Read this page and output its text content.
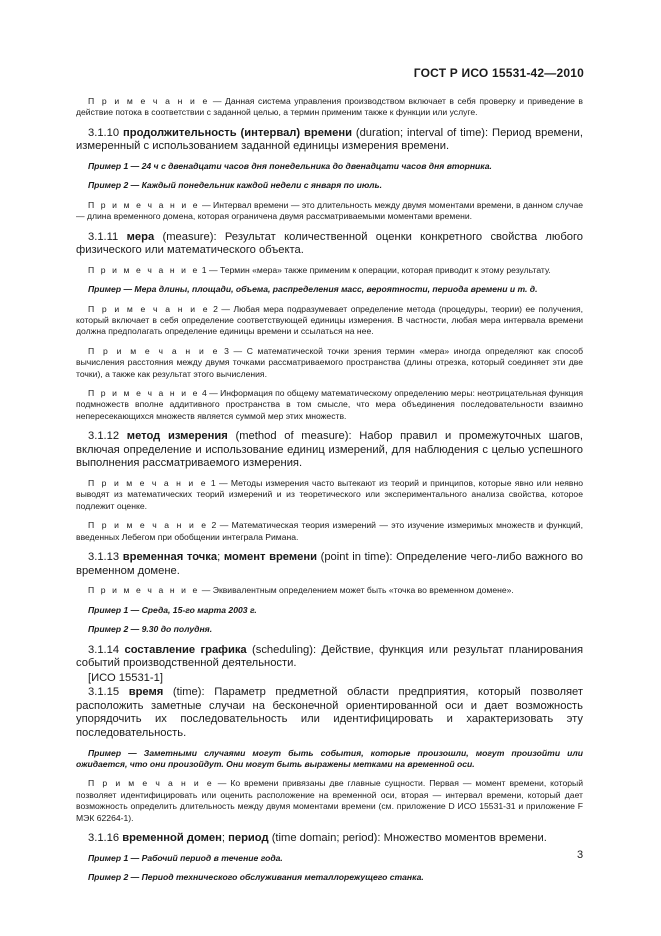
ГОСТ Р ИСО 15531-42—2010

П р и м е ч а н и е — Данная система управления производством включает в себя проверку и приведение в действие потока в соответствии с заданной целью, а термин применим также к функции или услуге.

3.1.10 продолжительность (интервал) времени (duration; interval of time): Период времени, измеренный с использованием заданной единицы измерения времени.

Пример 1 — 24 ч с двенадцати часов дня понедельника до двенадцати часов дня вторника.

Пример 2 — Каждый понедельник каждой недели с января по июль.

П р и м е ч а н и е — Интервал времени — это длительность между двумя моментами времени, в данном случае — длина временного домена, которая ограничена двумя рассматриваемыми моментами времени.

3.1.11 мера (measure): Результат количественной оценки конкретного свойства любого физического или математического объекта.

П р и м е ч а н и е 1 — Термин «мера» также применим к операции, которая приводит к этому результату.

Пример — Мера длины, площади, объема, распределения масс, вероятности, периода времени и т. д.

П р и м е ч а н и е 2 — Любая мера подразумевает определение метода (процедуры, теории) ее получения, который включает в себя определение соответствующей единицы измерения. В частности, любая мера интервала времени должна предполагать определение единицы времени и ссылаться на нее.

П р и м е ч а н и е 3 — С математической точки зрения термин «мера» иногда определяют как способ вычисления расстояния между двумя точками рассматриваемого пространства (длины отрезка, который соединяет эти две точки), а также как результат этого вычисления.

П р и м е ч а н и е 4 — Информация по общему математическому определению меры: неотрицательная функция подмножеств вполне аддитивного пространства в том смысле, что мера объединения последовательности взаимно непересекающихся множеств является суммой мер этих множеств.

3.1.12 метод измерения (method of measure): Набор правил и промежуточных шагов, включая определение и использование единиц измерений, для наблюдения с целью успешного выполнения рассматриваемого измерения.

П р и м е ч а н и е 1 — Методы измерения часто вытекают из теорий и принципов, которые явно или неявно выводят из математических теорий измерений и из теоретического или экспериментального анализа свойства, которое подлежит оценке.

П р и м е ч а н и е 2 — Математическая теория измерений — это изучение измеримых множеств и функций, введенных Лебегом при обобщении интеграла Римана.

3.1.13 временная точка; момент времени (point in time): Определение чего-либо важного во временном домене.

П р и м е ч а н и е — Эквивалентным определением может быть «точка во временном домене».

Пример 1 — Среда, 15-го марта 2003 г.

Пример 2 — 9.30 до полудня.

3.1.14 составление графика (scheduling): Действие, функция или результат планирования событий производственной деятельности.

[ИСО 15531-1]

3.1.15 время (time): Параметр предметной области предприятия, который позволяет расположить заметные случаи на бесконечной ориентированной оси и дает возможность упорядочить их последовательность или идентифицировать и характеризовать эту последовательность.

Пример — Заметными случаями могут быть события, которые произошли, могут произойти или ожидается, что они произойдут. Они могут быть выражены метками на временной оси.

П р и м е ч а н и е — Ко времени привязаны две главные сущности. Первая — момент времени, который позволяет идентифицировать или оценить расположение на временной оси, вторая — интервал времени, который дает возможность определить длительность между двумя моментами времени (см. приложение D ИСО 15531-31 и приложение F МЭК 62264-1).

3.1.16 временной домен; период (time domain; period): Множество моментов времени.

Пример 1 — Рабочий период в течение года.

Пример 2 — Период технического обслуживания металлорежущего станка.

3
